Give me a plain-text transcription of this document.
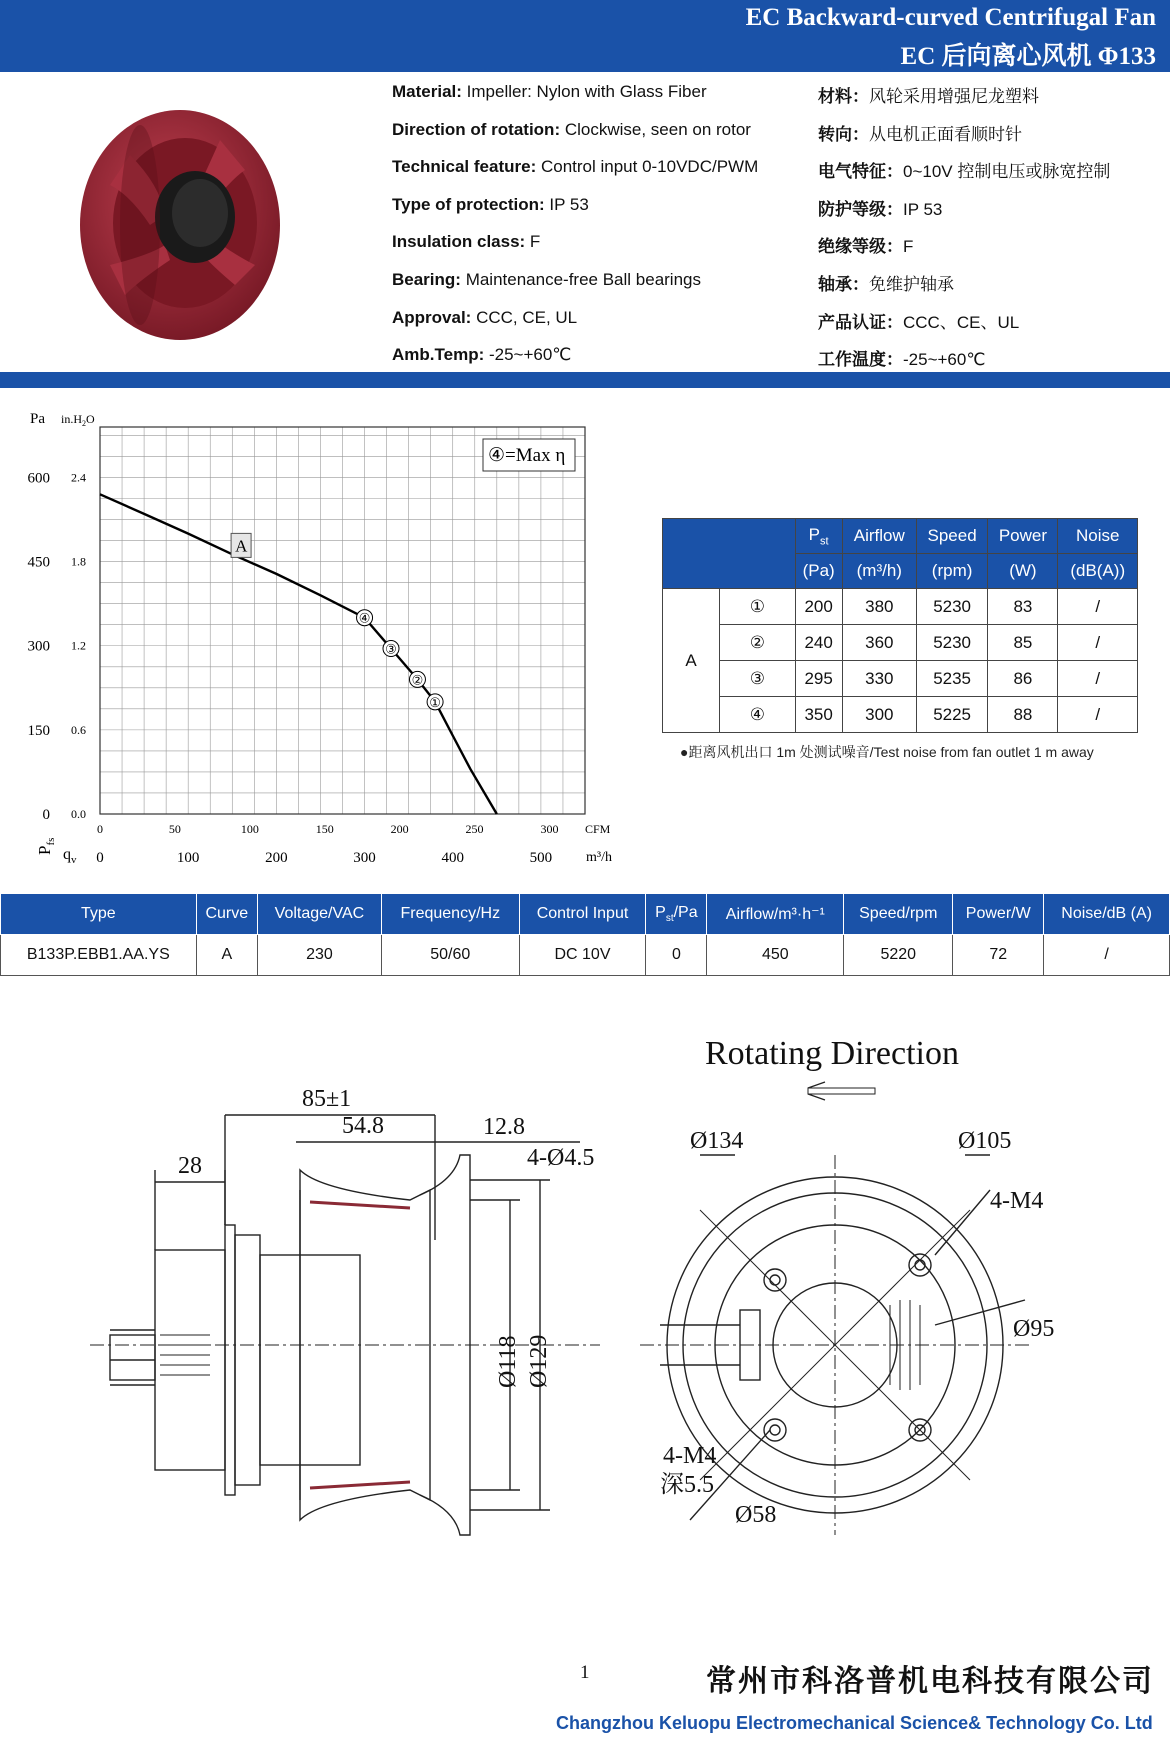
EC Backward-curved Centrifugal Fan
EC 后向离心风机 Φ133
Material: Impeller: Nylon with Glass Fiber	材料：风轮采用增强尼龙塑料
Direction of rotation: Clockwise, seen on rotor	转向：从电机正面看顺时针
Technical feature: Control input 0-10VDC/PWM	电气特征：0~10V 控制电压或脉宽控制
Type of protection: IP 53	防护等级：IP 53
Insulation class: F	绝缘等级：F
Bearing: Maintenance-free Ball bearings	轴承：免维护轴承
Approval: CCC, CE, UL	产品认证：CCC、CE、UL
Amb.Temp: -25~+60℃	工作温度：-25~+60℃
Pa $in.H_2O$
0 0.0
150 0.6
300 1.2
450 1.8
600 2.4
0	50	100	150	200	250	300
0	100	200	300	400	500
$P_{fs}$
$q_v$
CFM
m³/h
④=Max η
A
①
②
③
④
		$P_{st}$	Airflow	Speed	Power	Noise
		(Pa)	(m³/h)	(rpm)	(W)	(dB(A))
A	①	200	380	5230	83	/
	②	240	360	5230	85	/
	③	295	330	5235	86	/
	④	350	300	5225	88	/
●距离风机出口 1m 处测试噪音/Test noise from fan outlet 1 m away
Type	Curve	Voltage/VAC	Frequency/Hz	Control Input	$P_{st}/Pa$	Airflow/m³·h⁻¹	Speed/rpm	Power/W	Noise/dB (A)
B133P.EBB1.AA.YS	A	230	50/60	DC 10V	0	450	5220	72	/
85±1
54.8	12.8
4-Ø4.5
28
Ø118 Ø129
Rotating Direction
Ø134	Ø105
4-M4
Ø95
4-M4
深5.5
Ø58
1	常州市科洛普机电科技有限公司
Changzhou Keluopu Electromechanical Science& Technology Co. Ltd
